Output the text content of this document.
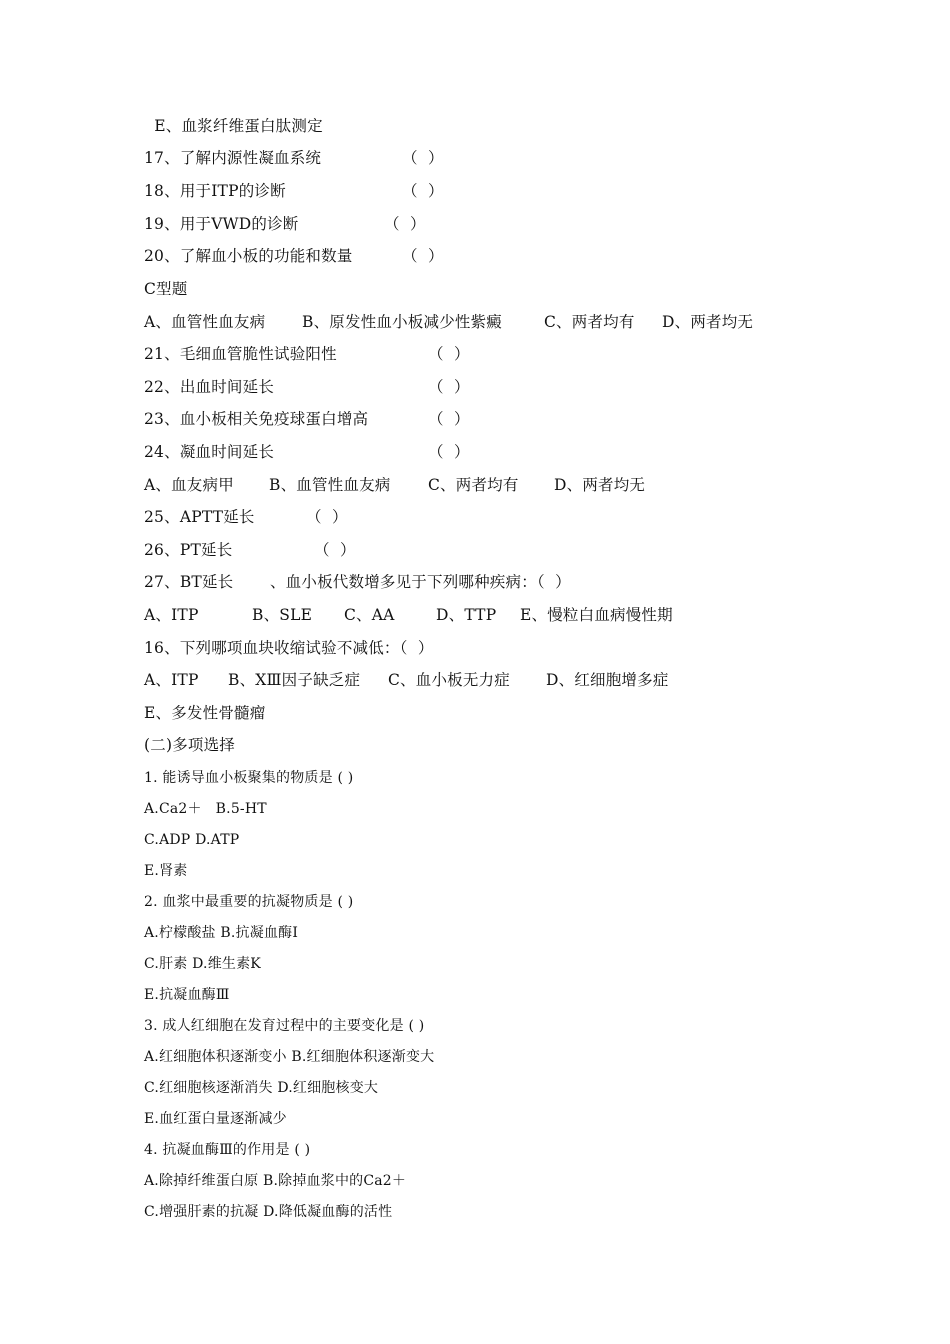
E、血浆纤维蛋白肽测定
17、了解内源性凝血系统	（  ）
18、用于ITP的诊断	（  ）
19、用于VWD的诊断	（  ）
20、了解血小板的功能和数量	（  ）
C型题

A、血管性血友病

B、原发性血小板减少性紫癜

	C、两者均有

D、两者均无

21、毛细血管脆性试验阳性	（  ）
22、出血时间延长	（  ）
23、血小板相关免疫球蛋白增高	（  ）
24、凝血时间延长	（  ）

A、血友病甲

B、血管性血友病

C、两者均有

D、两者均无

25、APTT延长	（  ）
26、PT延长	（  ）
27、BT延长 、血小板代数增多见于下列哪种疾病：（  ）

A、ITP

	B、SLE

C、AA

	D、TTP

E、慢粒白血病慢性期

16、下列哪项血块收缩试验不减低：（  ）

A、ITP

B、ⅩⅢ因子缺乏症

C、血小板无力症

D、红细胞增多症

E、多发性骨髓瘤
(二)多项选择
1. 能诱导血小板聚集的物质是 ( )
A.Ca2＋   B.5-HT
C.ADP D.ATP
E.肾素
2. 血浆中最重要的抗凝物质是 ( )
A.柠檬酸盐 B.抗凝血酶Ⅰ
C.肝素 D.维生素K
E.抗凝血酶Ⅲ
3. 成人红细胞在发育过程中的主要变化是 ( )
A.红细胞体积逐渐变小 B.红细胞体积逐渐变大
C.红细胞核逐渐消失 D.红细胞核变大
E.血红蛋白量逐渐减少
4. 抗凝血酶Ⅲ的作用是 ( )
A.除掉纤维蛋白原 B.除掉血浆中的Ca2＋
C.增强肝素的抗凝 D.降低凝血酶的活性
